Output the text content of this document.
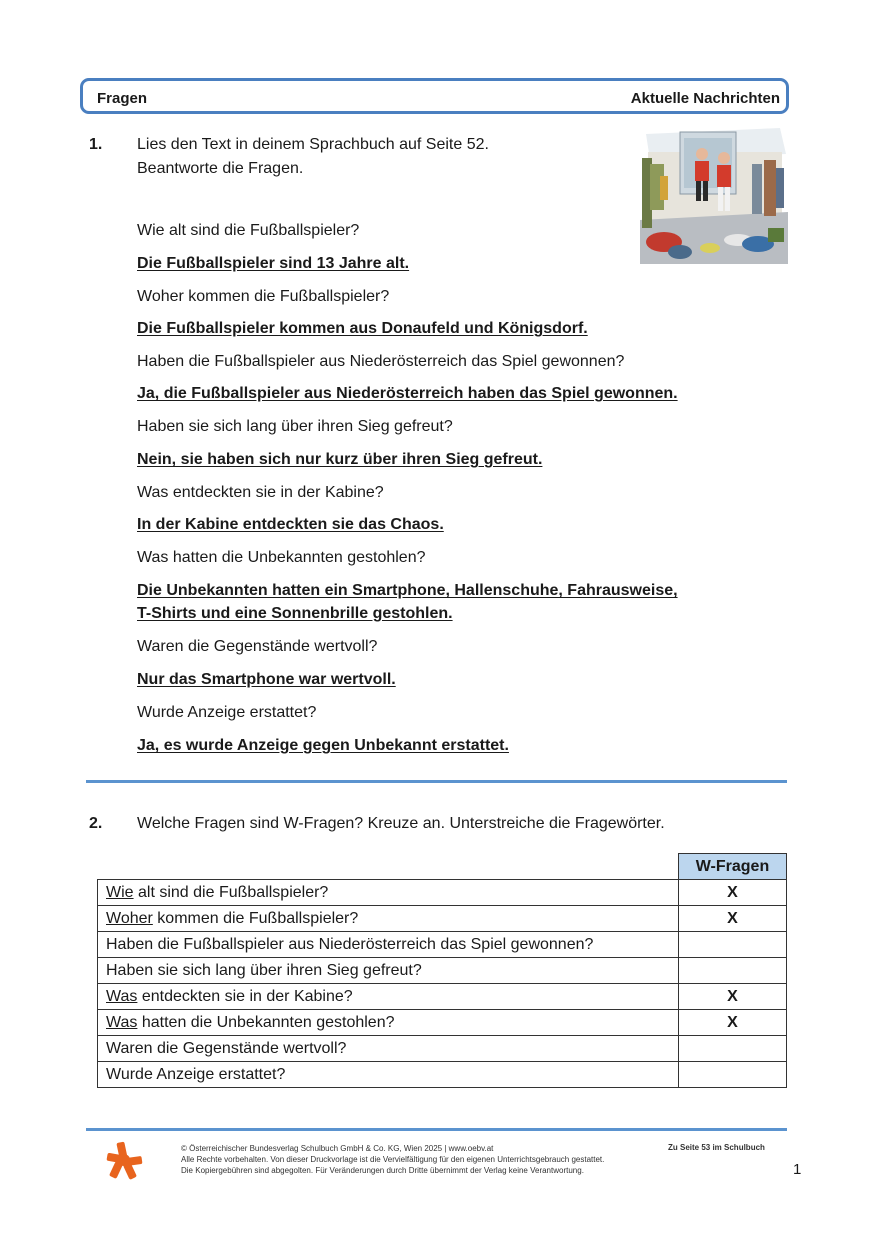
Fragen	Aktuelle Nachrichten
1. Lies den Text in deinem Sprachbuch auf Seite 52.
Beantworte die Fragen.
Wie alt sind die Fußballspieler?
Die Fußballspieler sind 13 Jahre alt.
Woher kommen die Fußballspieler?
Die Fußballspieler kommen aus Donaufeld und Königsdorf.
Haben die Fußballspieler aus Niederösterreich das Spiel gewonnen?
Ja, die Fußballspieler aus Niederösterreich haben das Spiel gewonnen.
Haben sie sich lang über ihren Sieg gefreut?
Nein, sie haben sich nur kurz über ihren Sieg gefreut.
Was entdeckten sie in der Kabine?
In der Kabine entdeckten sie das Chaos.
Was hatten die Unbekannten gestohlen?
Die Unbekannten hatten ein Smartphone, Hallenschuhe, Fahrausweise,
T-Shirts und eine Sonnenbrille gestohlen.
Waren die Gegenstände wertvoll?
Nur das Smartphone war wertvoll.
Wurde Anzeige erstattet?
Ja, es wurde Anzeige gegen Unbekannt erstattet.
2. Welche Fragen sind W-Fragen? Kreuze an. Unterstreiche die Fragewörter.
	W-Fragen
Wie alt sind die Fußballspieler?	X
Woher kommen die Fußballspieler?	X
Haben die Fußballspieler aus Niederösterreich das Spiel gewonnen?	
Haben sie sich lang über ihren Sieg gefreut?	
Was entdeckten sie in der Kabine?	X
Was hatten die Unbekannten gestohlen?	X
Waren die Gegenstände wertvoll?	
Wurde Anzeige erstattet?	
© Österreichischer Bundesverlag Schulbuch GmbH & Co. KG, Wien 2025 | www.oebv.at
Alle Rechte vorbehalten. Von dieser Druckvorlage ist die Vervielfältigung für den eigenen Unterrichtsgebrauch gestattet.
Die Kopiergebühren sind abgegolten. Für Veränderungen durch Dritte übernimmt der Verlag keine Verantwortung.
Zu Seite 53 im Schulbuch
1
